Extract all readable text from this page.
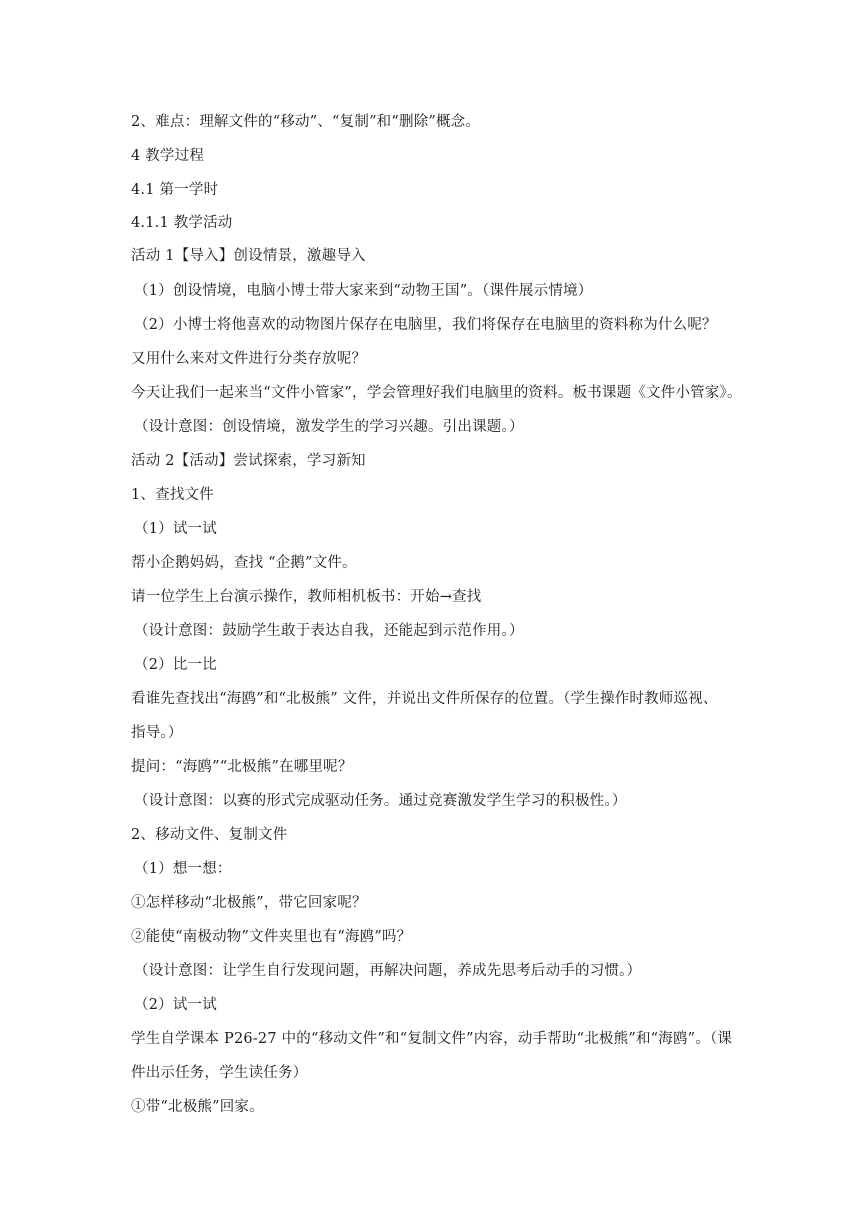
2、难点：理解文件的“移动”、“复制”和“删除”概念。
4 教学过程
4.1 第一学时
4.1.1 教学活动
活动 1【导入】创设情景，激趣导入
（1）创设情境，电脑小博士带大家来到“动物王国”。（课件展示情境）
（2）小博士将他喜欢的动物图片保存在电脑里，我们将保存在电脑里的资料称为什么呢？
又用什么来对文件进行分类存放呢？
今天让我们一起来当“文件小管家”，学会管理好我们电脑里的资料。板书课题《文件小管家》。
（设计意图：创设情境，激发学生的学习兴趣。引出课题。）
活动 2【活动】尝试探索，学习新知
1、查找文件
（1）试一试
帮小企鹅妈妈，查找 “企鹅”文件。
请一位学生上台演示操作，教师相机板书：开始→查找
（设计意图：鼓励学生敢于表达自我，还能起到示范作用。）
（2）比一比
看谁先查找出“海鸥”和“北极熊” 文件，并说出文件所保存的位置。（学生操作时教师巡视、
指导。）
提问：“海鸥”“北极熊”在哪里呢？
（设计意图：以赛的形式完成驱动任务。通过竞赛激发学生学习的积极性。）
2、移动文件、复制文件
（1）想一想：
①怎样移动“北极熊”，带它回家呢？
②能使“南极动物”文件夹里也有“海鸥”吗？
（设计意图：让学生自行发现问题，再解决问题，养成先思考后动手的习惯。）
（2）试一试
学生自学课本 P26-27 中的“移动文件”和“复制文件”内容，动手帮助“北极熊”和“海鸥”。（课
件出示任务，学生读任务）
①带“北极熊”回家。
